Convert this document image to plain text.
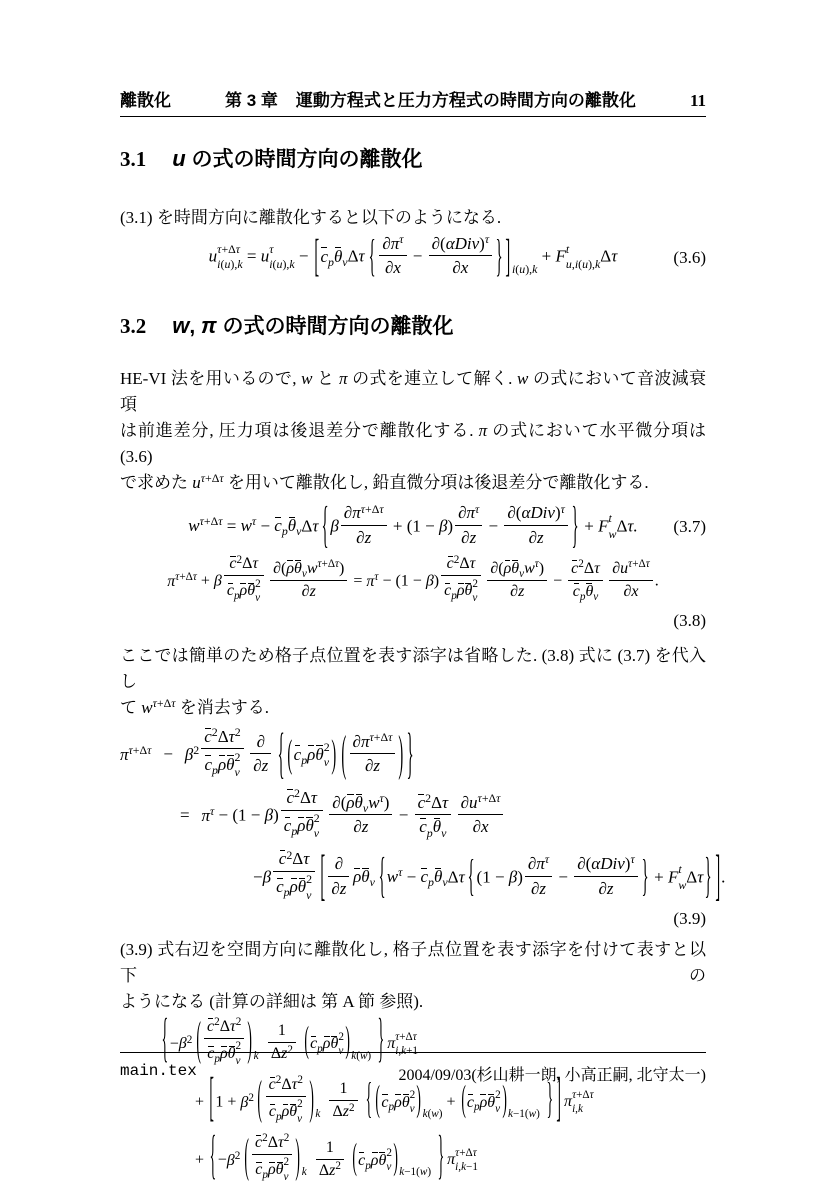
離散化	第 3 章 運動方程式と圧力方程式の時間方向の離散化	11
3.1 u の式の時間方向の離散化
(3.1) を時間方向に離散化すると以下のようになる.
u τ+Δτ
i(u),k = u τ
i(u),k − [cpθvΔτ { $\frac{\partial\pi\tau}{\partial x}$ −
∂(αDiv)τ
∂x	} ]i(u),k + F t
u,i(u),k Δτ	(3.6)
3.2 w, π の式の時間方向の離散化
HE-VI 法を用いるので, w と π の式を連立して解く. w の式において音波減衰項
は前進差分, 圧力項は後退差分で離散化する. π の式において水平微分項は (3.6)
で求めた uτ+Δτ を用いて離散化し, 鉛直微分項は後退差分で離散化する.
wτ+Δτ = wτ − cpθvΔτ {$\beta \frac{\partial\pi\tau+\Delta\tau}{\partial z} + (1 - \beta) \frac{\partial\pi\tau}{\partial z}$ −
∂(αDiv)τ
∂z	} + F t
w Δτ.	(3.7)
πτ+Δτ + β
c2Δτ
cpρθ 2
v
∂(ρθvwτ+Δτ)
∂z
= πτ − (1 − β)
c2Δτ
cpρθ 2
v
∂(ρθvwτ)
∂z
−
c2Δτ
cpθv $\frac{\partial u\tau+\Delta\tau}{\partial x}$ .
(3.8)
ここでは簡単のため格子点位置を表す添字は省略した. (3.8) 式に (3.7) を代入し
て wτ+Δτ を消去する.
πτ+Δτ − β2
c2Δτ2
cpρθ 2
v
∂
∂z { (cpρθ 2
v ) ( $\frac{\partial\pi\tau+\Delta\tau}{\partial z}$ ) }
= πτ − (1 − β)
c2Δτ
cpρθ 2
v
∂(ρθvwτ)
∂z
−
c2Δτ
cpθv $\frac{\partial u\tau+\Delta\tau}{\partial x}$
−β
c2Δτ
cpρθ 2
v [ ∂
∂z
ρθv {wτ − cpθvΔτ {$(1 - \beta) \frac{\partial\pi\tau}{\partial z}$ −
∂(αDiv)τ
∂z	} + F t
w Δτ} ].
(3.9)
(3.9) 式右辺を空間方向に離散化し, 格子点位置を表す添字を付けて表すと以下の
ようになる (計算の詳細は 第 A 節 参照).
{−β2 ( c2Δτ2
cpρθ 2
v )$k \frac{1}{\Delta z2} (cp\rho\theta$ 2
v )k(w) } π τ+Δτ
i,k+1
+ [1 + β2 ( c2Δτ2
cpρθ 2
v )$k \frac{1}{\Delta z2}$ { (cpρθ 2
v )k(w) + (cpρθ 2
v )k−1(w) } ] π τ+Δτ
i,k
+ {−β2 ( c2Δτ2
cpρθ 2
v )$k \frac{1}{\Delta z2} (cp\rho\theta$ 2
v )k−1(w) } π τ+Δτ
i,k−1
main.tex	2004/09/03(杉山耕一朗, 小高正嗣, 北守太一)
